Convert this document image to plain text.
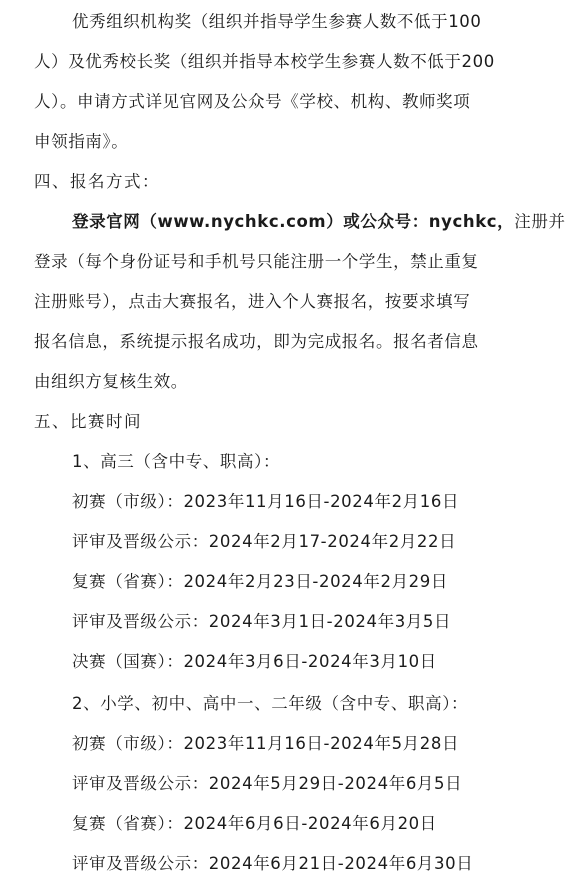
优秀组织机构奖（组织并指导学生参赛人数不低于100
人）及优秀校长奖（组织并指导本校学生参赛人数不低于200
人）。申请方式详见官网及公众号《学校、机构、教师奖项
申领指南》。
四、报名方式：
登录官网（www.nychkc.com）或公众号：nychkc，注册并
登录（每个身份证号和手机号只能注册一个学生，禁止重复
注册账号），点击大赛报名，进入个人赛报名，按要求填写
报名信息，系统提示报名成功，即为完成报名。报名者信息
由组织方复核生效。
五、比赛时间
1、高三（含中专、职高）：
初赛（市级）：2023年11月16日-2024年2月16日
评审及晋级公示：2024年2月17-2024年2月22日
复赛（省赛）：2024年2月23日-2024年2月29日
评审及晋级公示：2024年3月1日-2024年3月5日
决赛（国赛）：2024年3月6日-2024年3月10日
2、小学、初中、高中一、二年级（含中专、职高）：
初赛（市级）：2023年11月16日-2024年5月28日
评审及晋级公示：2024年5月29日-2024年6月5日
复赛（省赛）：2024年6月6日-2024年6月20日
评审及晋级公示：2024年6月21日-2024年6月30日
